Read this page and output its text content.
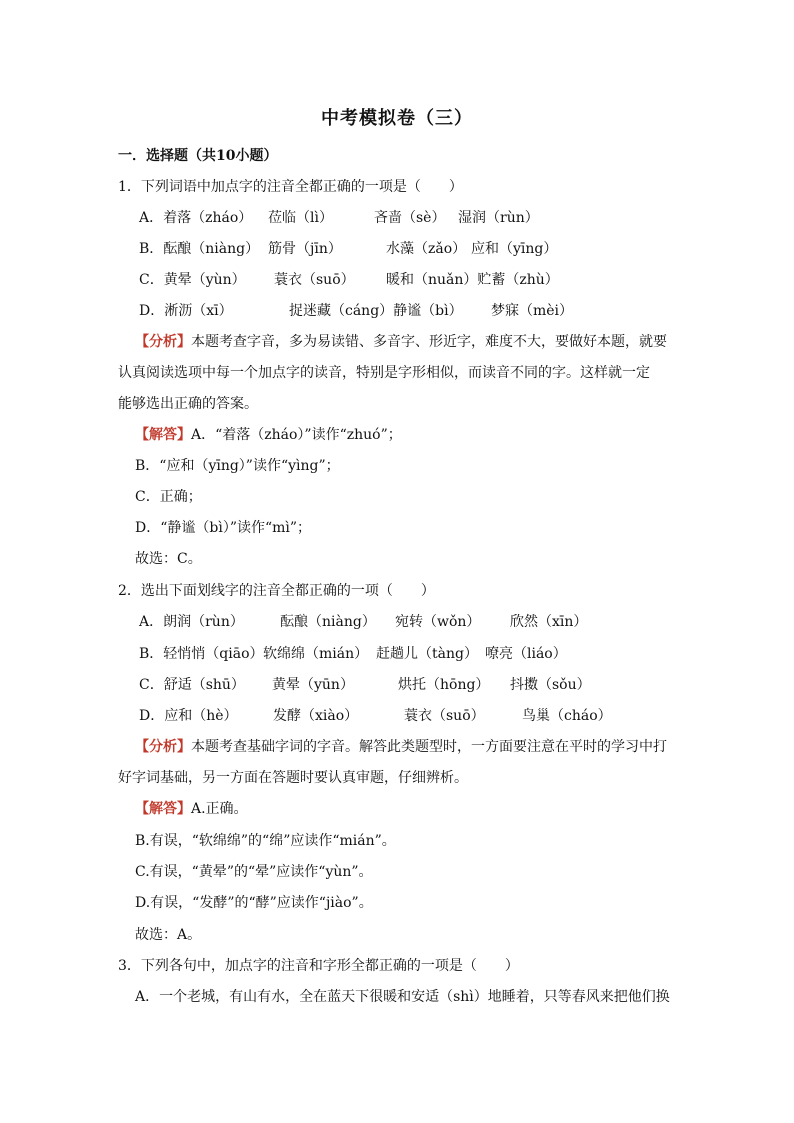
中考模拟卷（三）
一．选择题（共10小题）
1．下列词语中加点字的注音全都正确的一项是（　　）
A．着落（zháo） 莅临（lì）	吝啬（sè） 湿润（rùn）
B．酝酿（niàng） 筋骨（jīn）	水藻（zǎo） 应和（yīng）
C．黄晕（yùn） 蓑衣（suō） 暖和（nuǎn）贮蓄（zhù）
D．淅沥（xī）	捉迷藏（cáng）静谧（bì） 梦寐（mèi）
【分析】本题考查字音，多为易读错、多音字、形近字，难度不大，要做好本题，就要
认真阅读选项中每一个加点字的读音，特别是字形相似，而读音不同的字。这样就一定
能够选出正确的答案。
【解答】A．“着落（zháo）”读作“zhuó”；
B．“应和（yīng）”读作“yìng”；
C．正确；
D．“静谧（bì）”读作“mì”；
故选：C。
2．选出下面划线字的注音全都正确的一项（　　）
A．朗润（rùn）	酝酿（niàng） 宛转（wǒn） 欣然（xīn）
B．轻悄悄（qiāo） 软绵绵（mián） 赶趟儿（tàng） 嘹亮（liáo）
C．舒适（shū） 黄晕（yūn）	烘托（hōng） 抖擞（sǒu）
D．应和（hè）	发酵（xiào）	蓑衣（suō）	鸟巢（cháo）
【分析】本题考查基础字词的字音。解答此类题型时，一方面要注意在平时的学习中打
好字词基础，另一方面在答题时要认真审题，仔细辨析。
【解答】A.正确。
B.有误，“软绵绵”的“绵”应读作“mián”。
C.有误，“黄晕”的“晕”应读作“yùn”。
D.有误，“发酵”的“酵”应读作“jiào”。
故选：A。
3．下列各句中，加点字的注音和字形全都正确的一项是（　　）
A．一个老城，有山有水，全在蓝天下很暖和安适（shì）地睡着，只等春风来把他们换
